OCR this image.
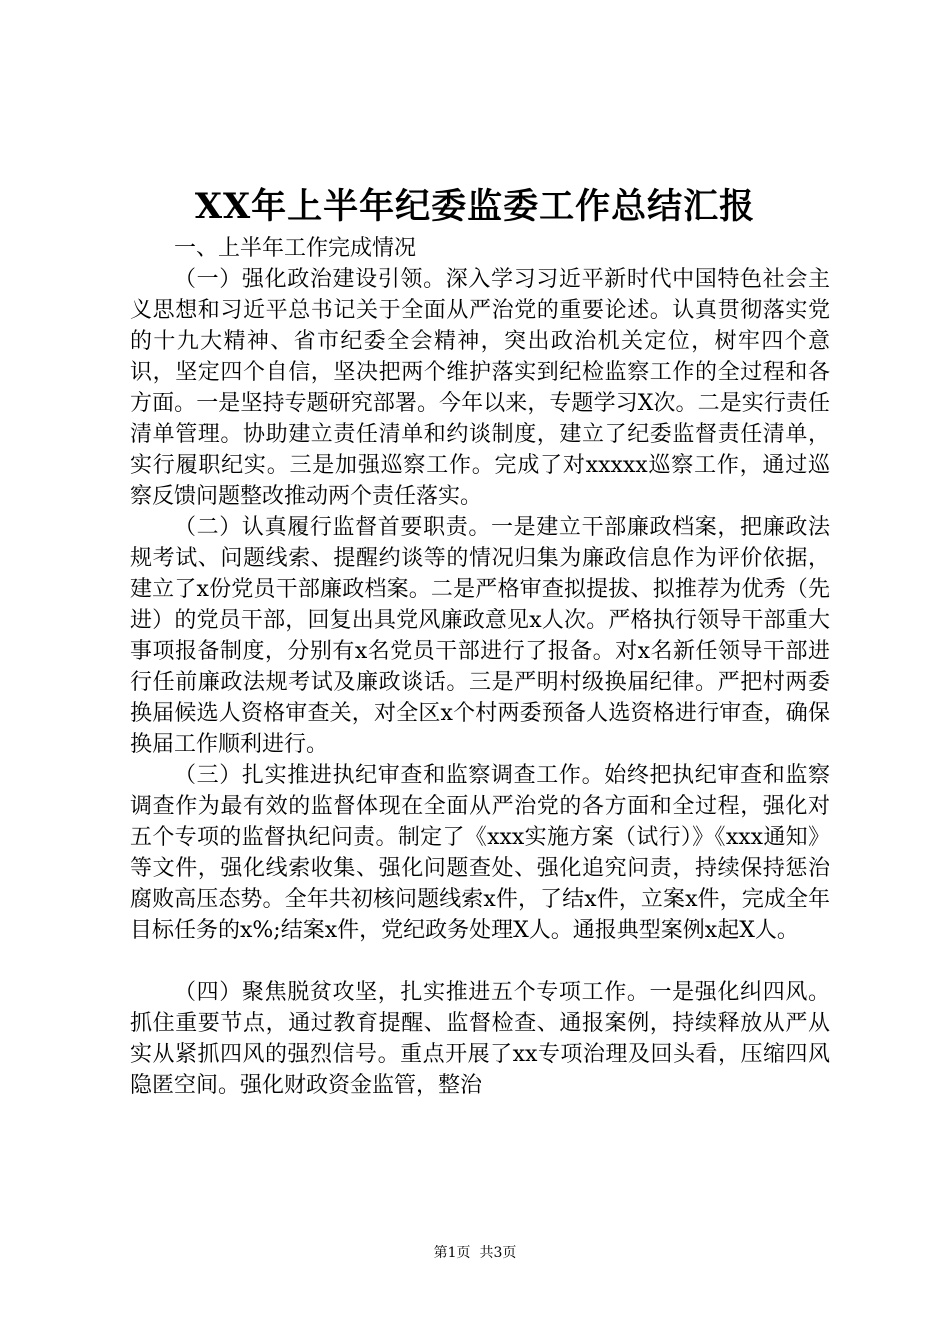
XX年上半年纪委监委工作总结汇报

一、上半年工作完成情况

（一）强化政治建设引领。深入学习习近平新时代中国特色社会主义思想和习近平总书记关于全面从严治党的重要论述。认真贯彻落实党的十九大精神、省市纪委全会精神，突出政治机关定位，树牢四个意识，坚定四个自信，坚决把两个维护落实到纪检监察工作的全过程和各方面。一是坚持专题研究部署。今年以来，专题学习X次。二是实行责任清单管理。协助建立责任清单和约谈制度，建立了纪委监督责任清单，实行履职纪实。三是加强巡察工作。完成了对xxxxx巡察工作，通过巡察反馈问题整改推动两个责任落实。

（二）认真履行监督首要职责。一是建立干部廉政档案，把廉政法规考试、问题线索、提醒约谈等的情况归集为廉政信息作为评价依据，建立了x份党员干部廉政档案。二是严格审查拟提拔、拟推荐为优秀（先进）的党员干部，回复出具党风廉政意见x人次。严格执行领导干部重大事项报备制度，分别有x名党员干部进行了报备。对x名新任领导干部进行任前廉政法规考试及廉政谈话。三是严明村级换届纪律。严把村两委换届候选人资格审查关，对全区x个村两委预备人选资格进行审查，确保换届工作顺利进行。

（三）扎实推进执纪审查和监察调查工作。始终把执纪审查和监察调查作为最有效的监督体现在全面从严治党的各方面和全过程，强化对五个专项的监督执纪问责。制定了《xxx实施方案（试行）》《xxx通知》等文件，强化线索收集、强化问题查处、强化追究问责，持续保持惩治腐败高压态势。全年共初核问题线索x件，了结x件，立案x件，完成全年目标任务的x%;结案x件，党纪政务处理X人。通报典型案例x起X人。

（四）聚焦脱贫攻坚，扎实推进五个专项工作。一是强化纠四风。抓住重要节点，通过教育提醒、监督检查、通报案例，持续释放从严从实从紧抓四风的强烈信号。重点开展了xx专项治理及回头看，压缩四风隐匿空间。强化财政资金监管，整治

第1页  共3页
